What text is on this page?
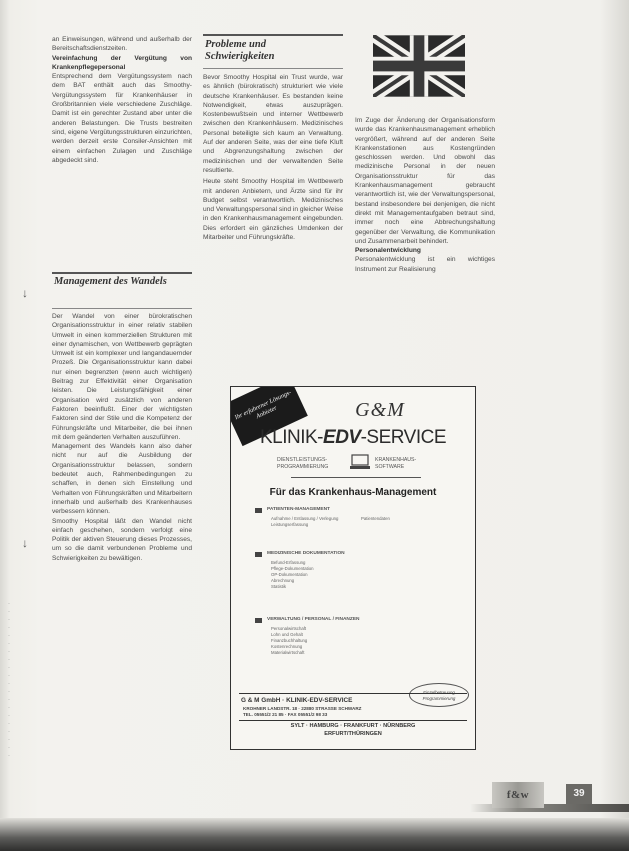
an Einweisungen, während und außerhalb der Bereitschaftsdienstzeiten.

Vereinfachung der Vergütung von Krankenpflegepersonal

Entsprechend dem Vergütungssystem nach dem BAT enthält auch das Smoothy-Vergütungssystem für Krankenhäuser in Großbritannien viele verschiedene Zuschläge. Damit ist ein gerechter Zustand aber unter die anderen Belastungen. Die Trusts bestreiten sind, eigene Vergütungsstrukturen einzurichten, werden derzeit erste Consiler-Ansichten mit einem einfachen Zulagen und Zuschläge abgedeckt sind.

Management des Wandels
↓

Der Wandel von einer bürokratischen Organisationsstruktur in einer relativ stabilen Umwelt in einen kommerziellen Strukturen mit einer dynamischen, von Wettbewerb geprägten Umwelt ist ein komplexer und langandauernder Prozeß. Die Organisationsstruktur kann dabei nur einen begrenzten (wenn auch wichtigen) Beitrag zur Effektivität einer Organisation leisten. Die Leistungsfähigkeit einer Organisation wird zusätzlich von anderen Faktoren beeinflußt. Einer der wichtigsten Faktoren sind der Stile und die Kompetenz der Führungskräfte und Mitarbeiter, die bei ihnen mit dem geänderten Verhalten auszuführen.

Management des Wandels kann also daher nicht nur auf die Ausbildung der Organisationsstruktur belassen, sondern bedeutet auch, Rahmenbedingungen zu schaffen, in denen sich Einstellung und Verhalten von Führungskräften und Mitarbeitern innerhalb und außerhalb des Krankenhauses verbessern können.

Smoothy Hospital läßt den Wandel nicht einfach geschehen, sondern verfolgt eine Politik der aktiven Steuerung dieses Prozesses, um so die damit verbundenen Probleme und Schwierigkeiten zu bewältigen.

↓
·
·
·
·
·
·
·
·
·
·
·
·
·
·
·
·
·
·
·
·
Probleme und Schwierigkeiten

Bevor Smoothy Hospital ein Trust wurde, war es ähnlich (bürokratisch) strukturiert wie viele deutsche Krankenhäuser. Es bestanden keine Notwendigkeit, etwas auszuprägen. Kostenbewußtsein und interner Wettbewerb zwischen den Krankenhäusern. Medizinisches Personal beteiligte sich kaum an Verwaltung. Auf der anderen Seite, was der eine tiefe Kluft und Abgrenzungshaltung zwischen der medizinischen und der verwaltenden Seite resultierte.

Heute steht Smoothy Hospital im Wettbewerb mit anderen Anbietern, und Ärzte sind für ihr Budget selbst verantwortlich. Medizinisches und Verwaltungspersonal sind in gleicher Weise in den Krankenhausmanagement eingebunden. Dies erfordert ein gänzliches Umdenken der Mitarbeiter und Führungskräfte.

Im Zuge der Änderung der Organisationsform wurde das Krankenhausmanagement erheblich vergrößert, während auf der anderen Seite Krankenstationen aus Kostengründen geschlossen werden. Und obwohl das medizinische Personal in der neuen Organisationsstruktur für das Krankenhausmanagement gebraucht verantwortlich ist, wie der Verwaltungspersonal, bestand insbesondere bei denjenigen, die nicht direkt mit Managementaufgaben betraut sind, immer noch eine Abbrechungshaltung gegenüber der Verwaltung, die Kommunikation und Zusammenarbeit behindert.

Personalentwicklung

Personalentwicklung ist ein wichtiges Instrument zur Realisierung

Ihr erfahrener Lösungs-Anbieter	G&M
KLINIK-EDV-SERVICE
DIENSTLEISTUNGS- PROGRAMMIERUNG
KRANKENHAUS- SOFTWARE
Für das Krankenhaus-Management
PATIENTEN-MANAGEMENT
Aufnahme / Entlassung / Verlegung
Leistungserfassung
Patientendaten
MEDIZINISCHE DOKUMENTATION
Befund-Erfassung
Pflege-Dokumentation
OP-Dokumentation
Abrechnung
Statistik
VERWALTUNG / PERSONAL / FINANZEN
Personalwirtschaft
Lohn und Gehalt
Finanzbuchhaltung
Kostenrechnung
Materialwirtschaft
Einzelbetreuung Programmierung
G & M GmbH · KLINIK-EDV-SERVICE
KROHNER LANDSTR. 18 · 22880 STRASSE SCHWARZ
TEL. 05551/2 21 85 · FAX 05551/2 98 33
SYLT · HAMBURG · FRANKFURT · NÜRNBERG
ERFURT/THÜRINGEN
f&w	39
